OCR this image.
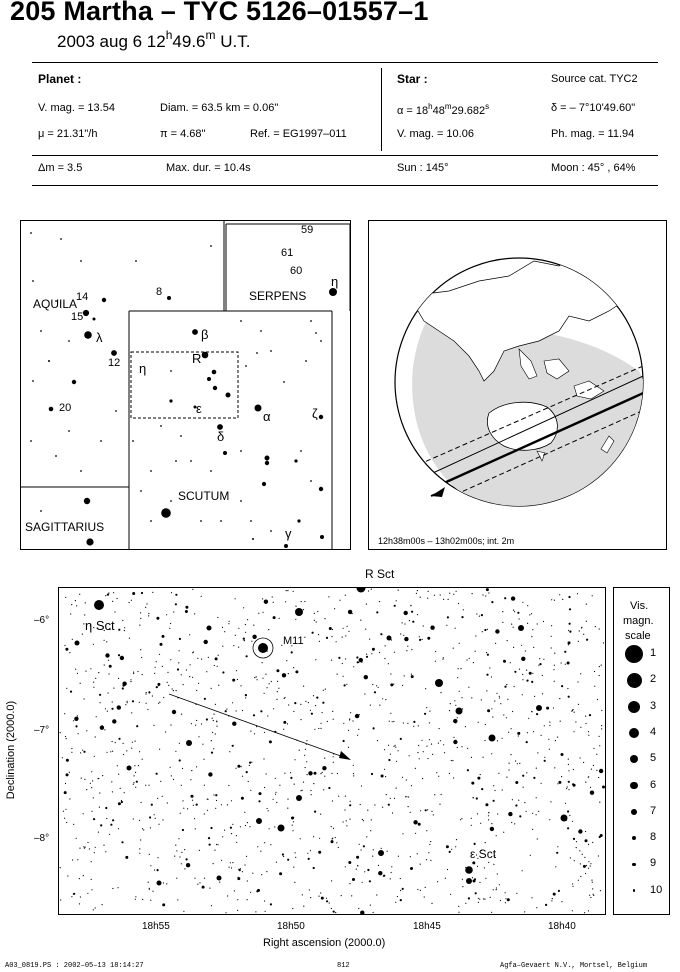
205 Martha – TYC 5126–01557–1
2003 aug 6 12$^h$49.6$^m$ U.T.
Planet :
V. mag. = 13.54	Diam. = 63.5 km = 0.06"
μ = 21.31"/h	π = 4.68"	Ref. = EG1997–011
Δm = 3.5	Max. dur. = 10.4s
Star :	Source cat. TYC2
$\alpha = 18^h48^m29.682^s$	δ = – 7°10'49.60"
V. mag. = 10.06	Ph. mag. = 11.94
Sun : 145°	Moon : 45° , 64%
AQUILA
SERPENS
SCUTUM
SAGITTARIUS
59
61
60
η
14
15
8
λ
12
20
β
R
η
ε
δ
α	ζ
γ	12h38m00s – 13h02m00s; int. 2m
R Sct
η Sct
M11
ε Sct
–6°
–7°
–8°
18h55	18h50	18h45	18h40
Right ascension (2000.0)
Declination (2000.0)
Vis.
magn.
scale
1
2
3
4
5
6
7
8
9
10
A03_0819.PS : 2002–05–13 18:14:27	812	Agfa–Gevaert N.V., Mortsel, Belgium
